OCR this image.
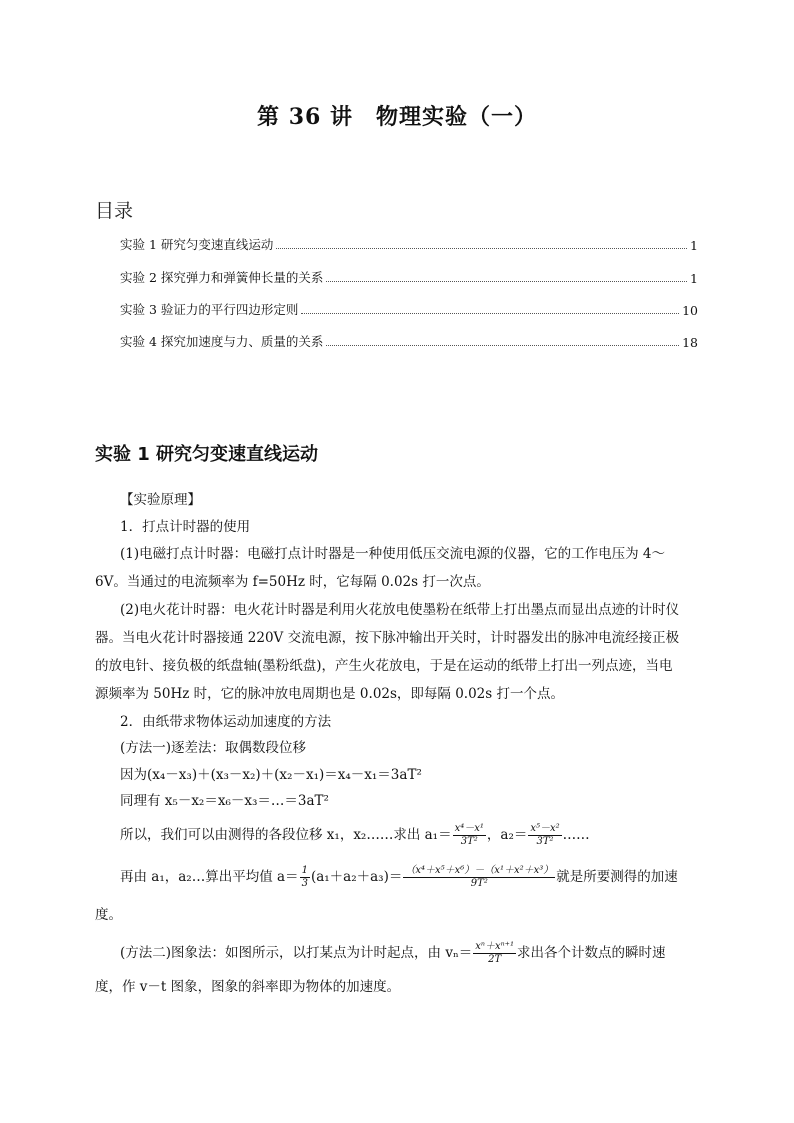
第 36 讲　物理实验（一）
目录
实验 1 研究匀变速直线运动	1
实验 2 探究弹力和弹簧伸长量的关系	1
实验 3 验证力的平行四边形定则	10
实验 4 探究加速度与力、质量的关系	18
实验 1 研究匀变速直线运动
【实验原理】
1．打点计时器的使用
(1)电磁打点计时器：电磁打点计时器是一种使用低压交流电源的仪器，它的工作电压为 4～
6V。当通过的电流频率为 f=50Hz 时，它每隔 0.02s 打一次点。
(2)电火花计时器：电火花计时器是利用火花放电使墨粉在纸带上打出墨点而显出点迹的计时仪
器。当电火花计时器接通 220V 交流电源，按下脉冲输出开关时，计时器发出的脉冲电流经接正极
的放电针、接负极的纸盘轴(墨粉纸盘)，产生火花放电，于是在运动的纸带上打出一列点迹，当电
源频率为 50Hz 时，它的脉冲放电周期也是 0.02s，即每隔 0.02s 打一个点。
2．由纸带求物体运动加速度的方法
(方法一)逐差法：取偶数段位移
因为(x₄－x₃)＋(x₃－x₂)＋(x₂－x₁)＝x₄－x₁＝3aT²
同理有 x₅－x₂＝x₆－x₃＝…＝3aT²
所以，我们可以由测得的各段位移 x₁，x₂……求出 $a_1= \frac{\text{x⁴－x¹}}{\text{3T²}}$ ，$a_2= \frac{\text{x⁵－x²}}{\text{3T²}}$ ……
再由 a₁，a₂…算出平均值 $a= \frac{1}{3} (a_1+a_2+a_3)= \frac{\text{（x⁴＋x⁵＋x⁶）－（x¹＋x²＋x³）}}{\text{9T²}}$ 就是所要测得的加速
度。
(方法二)图象法：如图所示，以打某点为计时起点，由 $v_n= \frac{\text{xⁿ＋xⁿ⁺¹}}{2T}$ 求出各个计数点的瞬时速
度，作 v－t 图象，图象的斜率即为物体的加速度。
